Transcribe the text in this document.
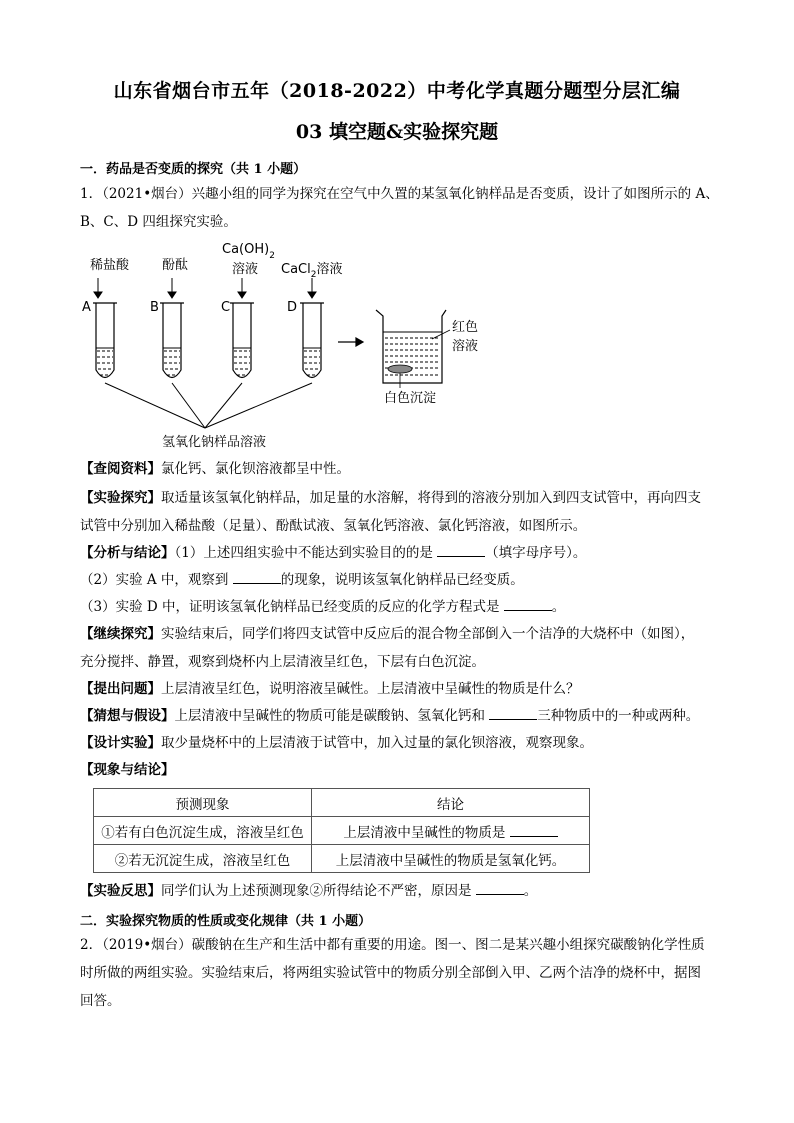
山东省烟台市五年（2018-2022）中考化学真题分题型分层汇编
03 填空题&实验探究题
一．药品是否变质的探究（共 1 小题）
1．（2021•烟台）兴趣小组的同学为探究在空气中久置的某氢氧化钠样品是否变质，设计了如图所示的 A、
B、C、D 四组探究实验。
稀盐酸	酚酞
$Ca(OH)_2$
溶液 CaCl$_2$溶液
A	B	C	D
氢氧化钠样品溶液
红色
溶液
白色沉淀
【查阅资料】氯化钙、氯化钡溶液都呈中性。
【实验探究】取适量该氢氧化钠样品，加足量的水溶解，将得到的溶液分别加入到四支试管中，再向四支
试管中分别加入稀盐酸（足量）、酚酞试液、氢氧化钙溶液、氯化钙溶液，如图所示。
【分析与结论】（1）上述四组实验中不能达到实验目的的是	（填字母序号）。
（2）实验 A 中，观察到	的现象，说明该氢氧化钠样品已经变质。
（3）实验 D 中，证明该氢氧化钠样品已经变质的反应的化学方程式是	。
【继续探究】实验结束后，同学们将四支试管中反应后的混合物全部倒入一个洁净的大烧杯中（如图），
充分搅拌、静置，观察到烧杯内上层清液呈红色，下层有白色沉淀。
【提出问题】上层清液呈红色，说明溶液呈碱性。上层清液中呈碱性的物质是什么？
【猜想与假设】上层清液中呈碱性的物质可能是碳酸钠、氢氧化钙和	三种物质中的一种或两种。
【设计实验】取少量烧杯中的上层清液于试管中，加入过量的氯化钡溶液，观察现象。
【现象与结论】
预测现象	结论
①若有白色沉淀生成，溶液呈红色	上层清液中呈碱性的物质是
②若无沉淀生成，溶液呈红色	上层清液中呈碱性的物质是氢氧化钙。
【实验反思】同学们认为上述预测现象②所得结论不严密，原因是	。
二．实验探究物质的性质或变化规律（共 1 小题）
2．（2019•烟台）碳酸钠在生产和生活中都有重要的用途。图一、图二是某兴趣小组探究碳酸钠化学性质
时所做的两组实验。实验结束后，将两组实验试管中的物质分别全部倒入甲、乙两个洁净的烧杯中，据图
回答。
